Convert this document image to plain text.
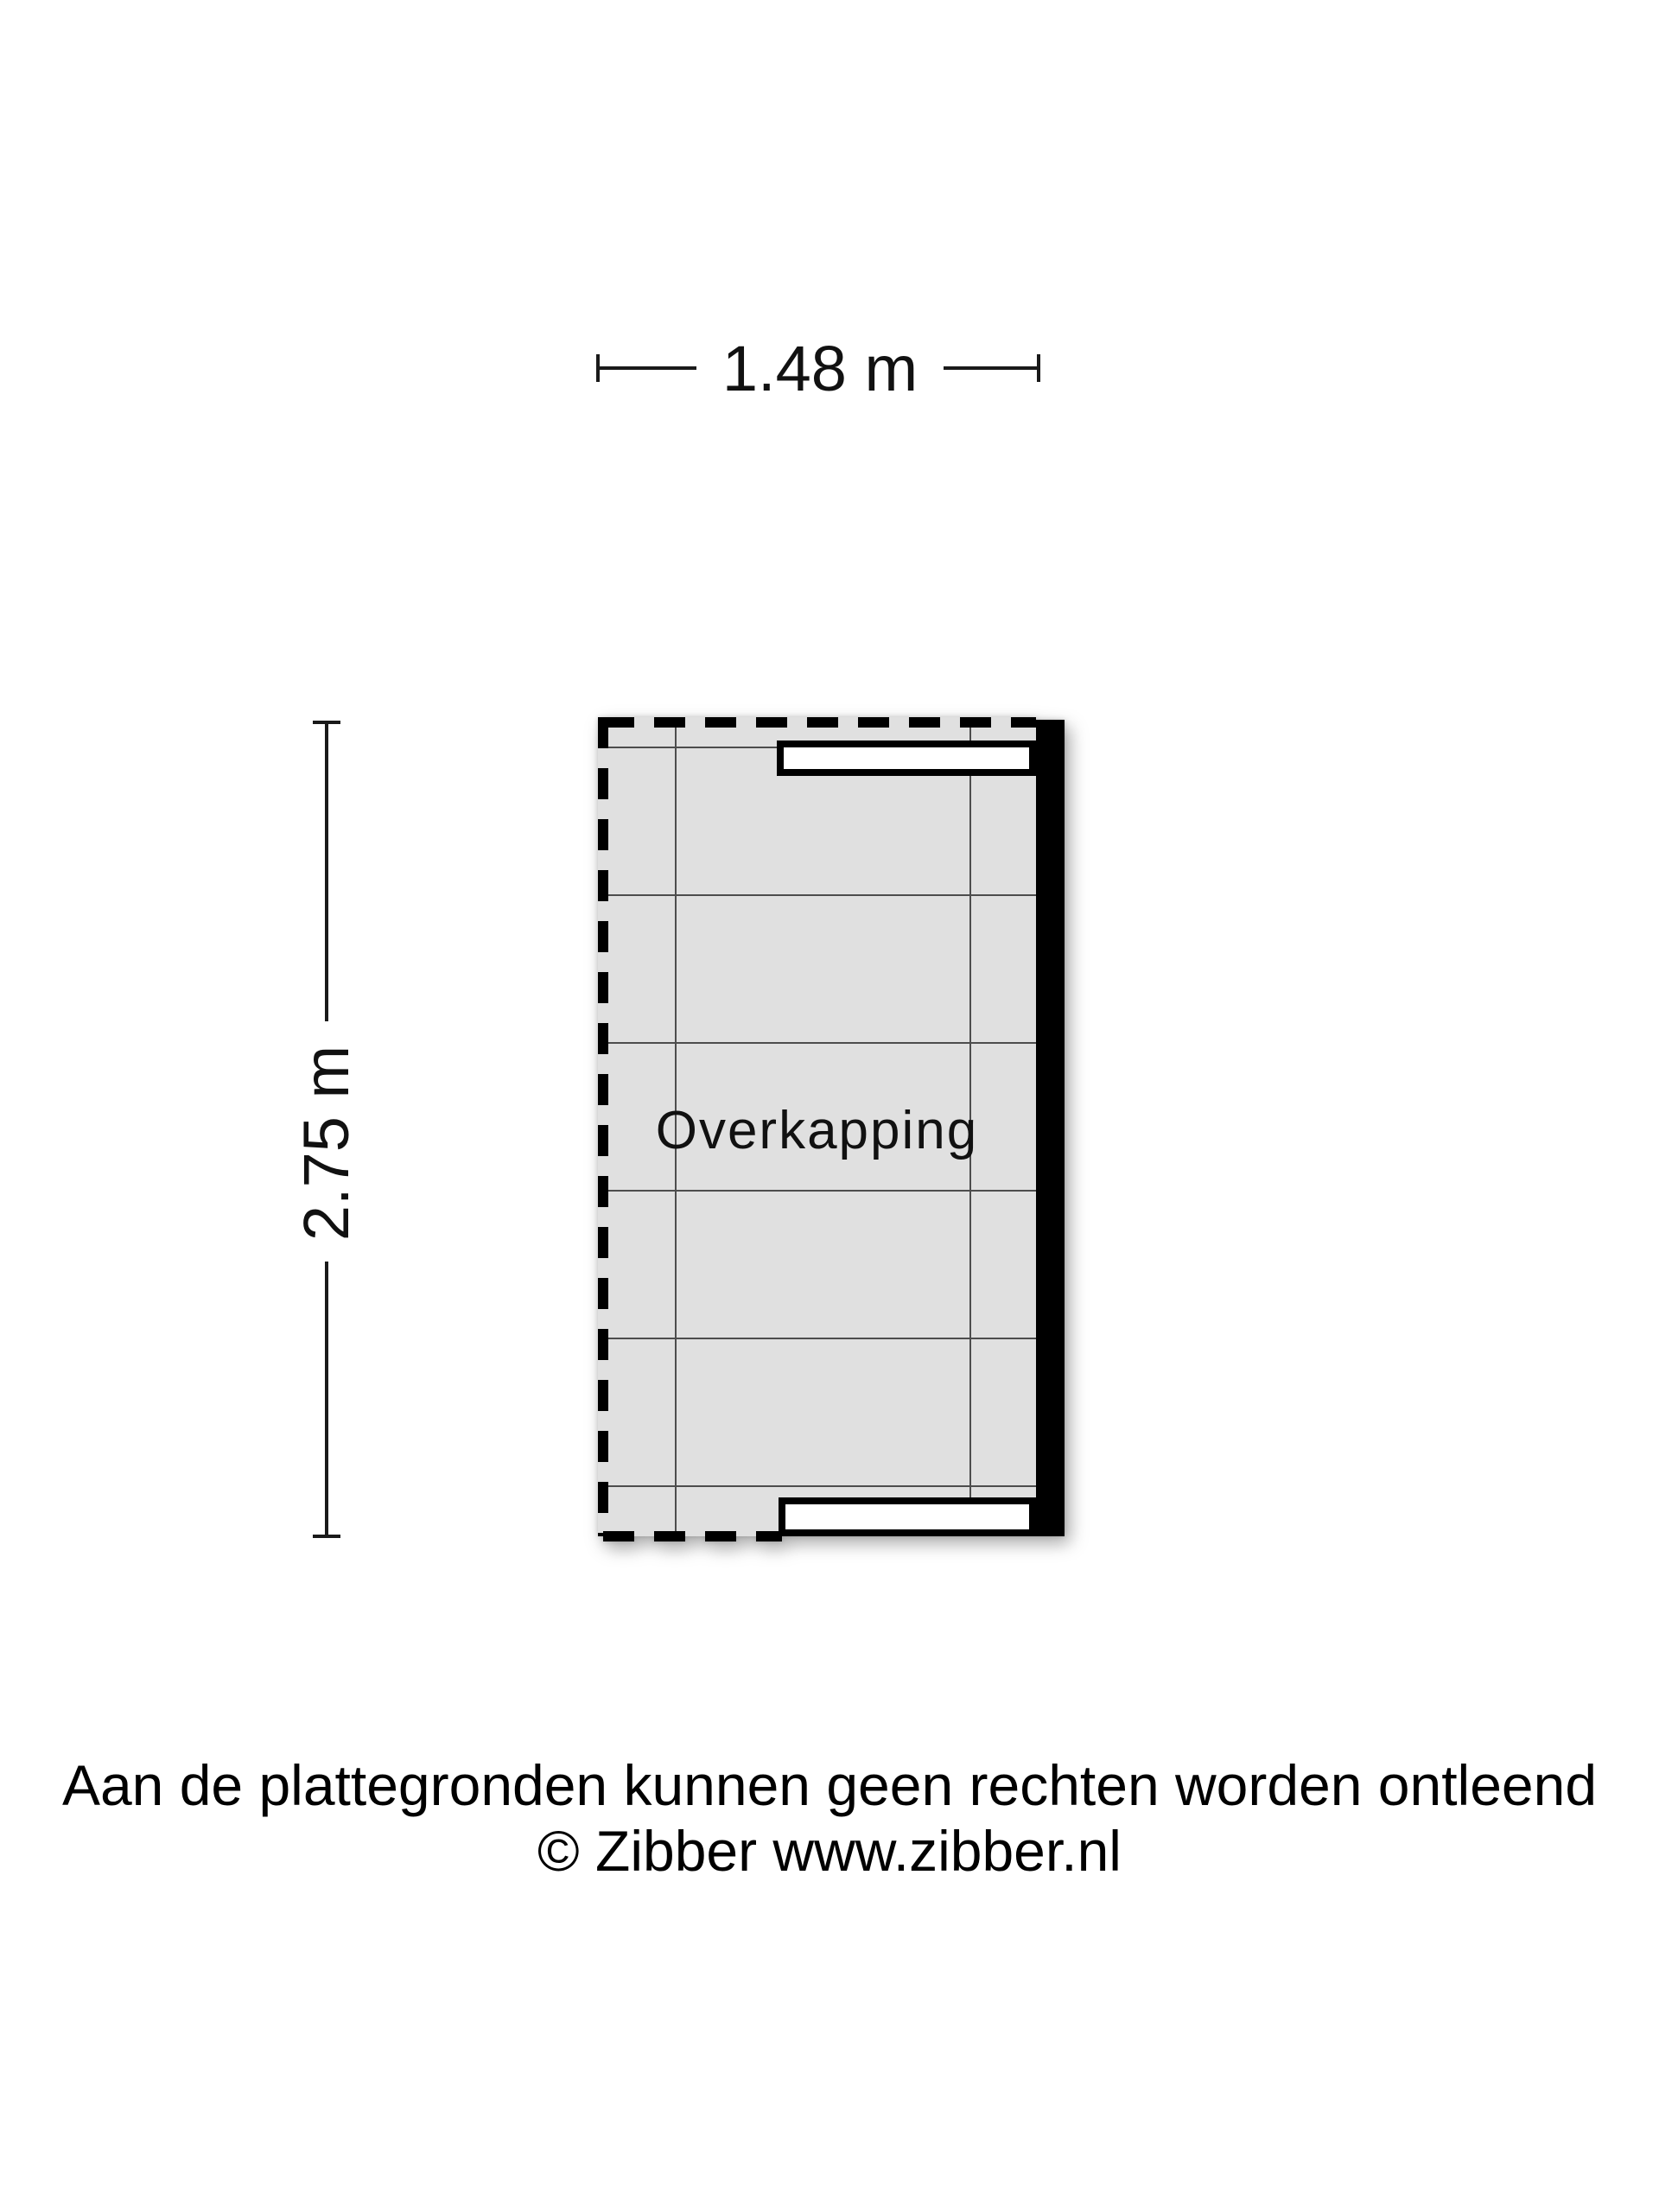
1.48 m
2.75 m	Overkapping
Aan de plattegronden kunnen geen rechten worden ontleend
© Zibber www.zibber.nl
